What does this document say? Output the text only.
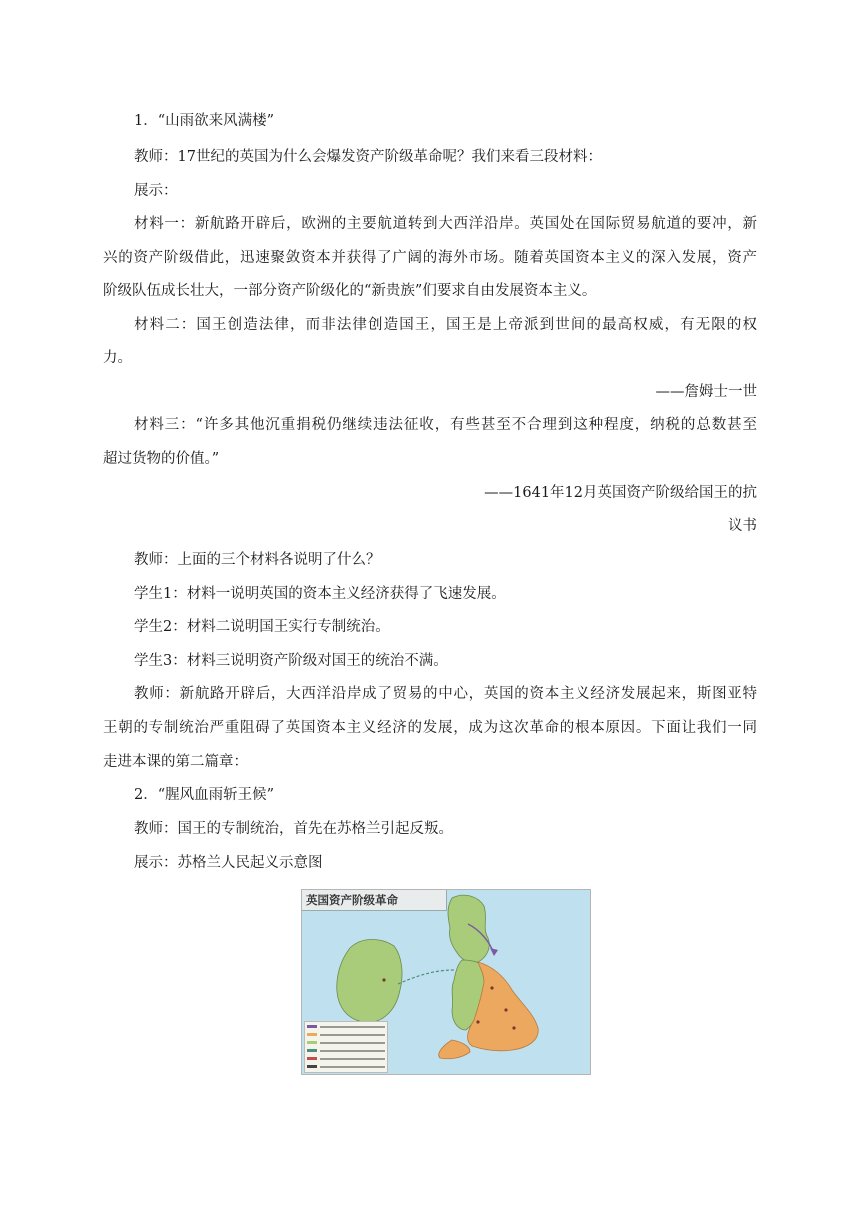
1．“山雨欲来风满楼”
教师：17世纪的英国为什么会爆发资产阶级革命呢？我们来看三段材料：
展示：
材料一：新航路开辟后，欧洲的主要航道转到大西洋沿岸。英国处在国际贸易航道的要冲，新
兴的资产阶级借此，迅速聚敛资本并获得了广阔的海外市场。随着英国资本主义的深入发展，资产
阶级队伍成长壮大，一部分资产阶级化的“新贵族”们要求自由发展资本主义。
材料二：国王创造法律，而非法律创造国王，国王是上帝派到世间的最高权威，有无限的权
力。
——詹姆士一世
材料三：“许多其他沉重捐税仍继续违法征收，有些甚至不合理到这种程度，纳税的总数甚至
超过货物的价值。”
——1641年12月英国资产阶级给国王的抗
议书
教师：上面的三个材料各说明了什么？
学生1：材料一说明英国的资本主义经济获得了飞速发展。
学生2：材料二说明国王实行专制统治。
学生3：材料三说明资产阶级对国王的统治不满。
教师：新航路开辟后，大西洋沿岸成了贸易的中心，英国的资本主义经济发展起来，斯图亚特
王朝的专制统治严重阻碍了英国资本主义经济的发展，成为这次革命的根本原因。下面让我们一同
走进本课的第二篇章：
2．“腥风血雨斩王候”
教师：国王的专制统治，首先在苏格兰引起反叛。
展示：苏格兰人民起义示意图
英国资产阶级革命
